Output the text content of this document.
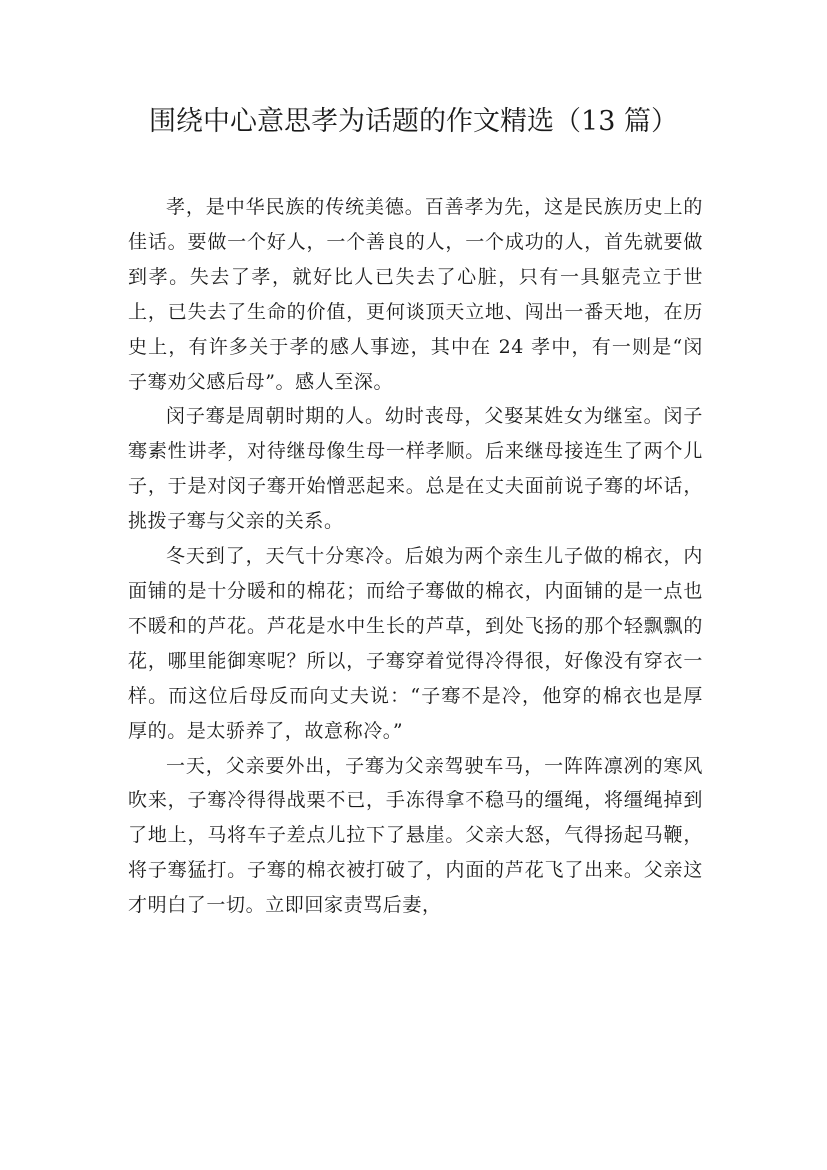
围绕中心意思孝为话题的作文精选（13 篇）

孝，是中华民族的传统美德。百善孝为先，这是民族历史上的佳话。要做一个好人，一个善良的人，一个成功的人，首先就要做到孝。失去了孝，就好比人已失去了心脏，只有一具躯壳立于世上，已失去了生命的价值，更何谈顶天立地、闯出一番天地，在历史上，有许多关于孝的感人事迹，其中在 24 孝中，有一则是“闵子骞劝父感后母”。感人至深。

闵子骞是周朝时期的人。幼时丧母，父娶某姓女为继室。闵子骞素性讲孝，对待继母像生母一样孝顺。后来继母接连生了两个儿子，于是对闵子骞开始憎恶起来。总是在丈夫面前说子骞的坏话，挑拨子骞与父亲的关系。

冬天到了，天气十分寒冷。后娘为两个亲生儿子做的棉衣，内面铺的是十分暖和的棉花；而给子骞做的棉衣，内面铺的是一点也不暖和的芦花。芦花是水中生长的芦草，到处飞扬的那个轻飘飘的花，哪里能御寒呢？所以，子骞穿着觉得冷得很，好像没有穿衣一样。而这位后母反而向丈夫说：“子骞不是冷，他穿的棉衣也是厚厚的。是太骄养了，故意称冷。”

一天，父亲要外出，子骞为父亲驾驶车马，一阵阵凛冽的寒风吹来，子骞冷得得战栗不已，手冻得拿不稳马的缰绳，将缰绳掉到了地上，马将车子差点儿拉下了悬崖。父亲大怒，气得扬起马鞭，将子骞猛打。子骞的棉衣被打破了，内面的芦花飞了出来。父亲这才明白了一切。立即回家责骂后妻，
